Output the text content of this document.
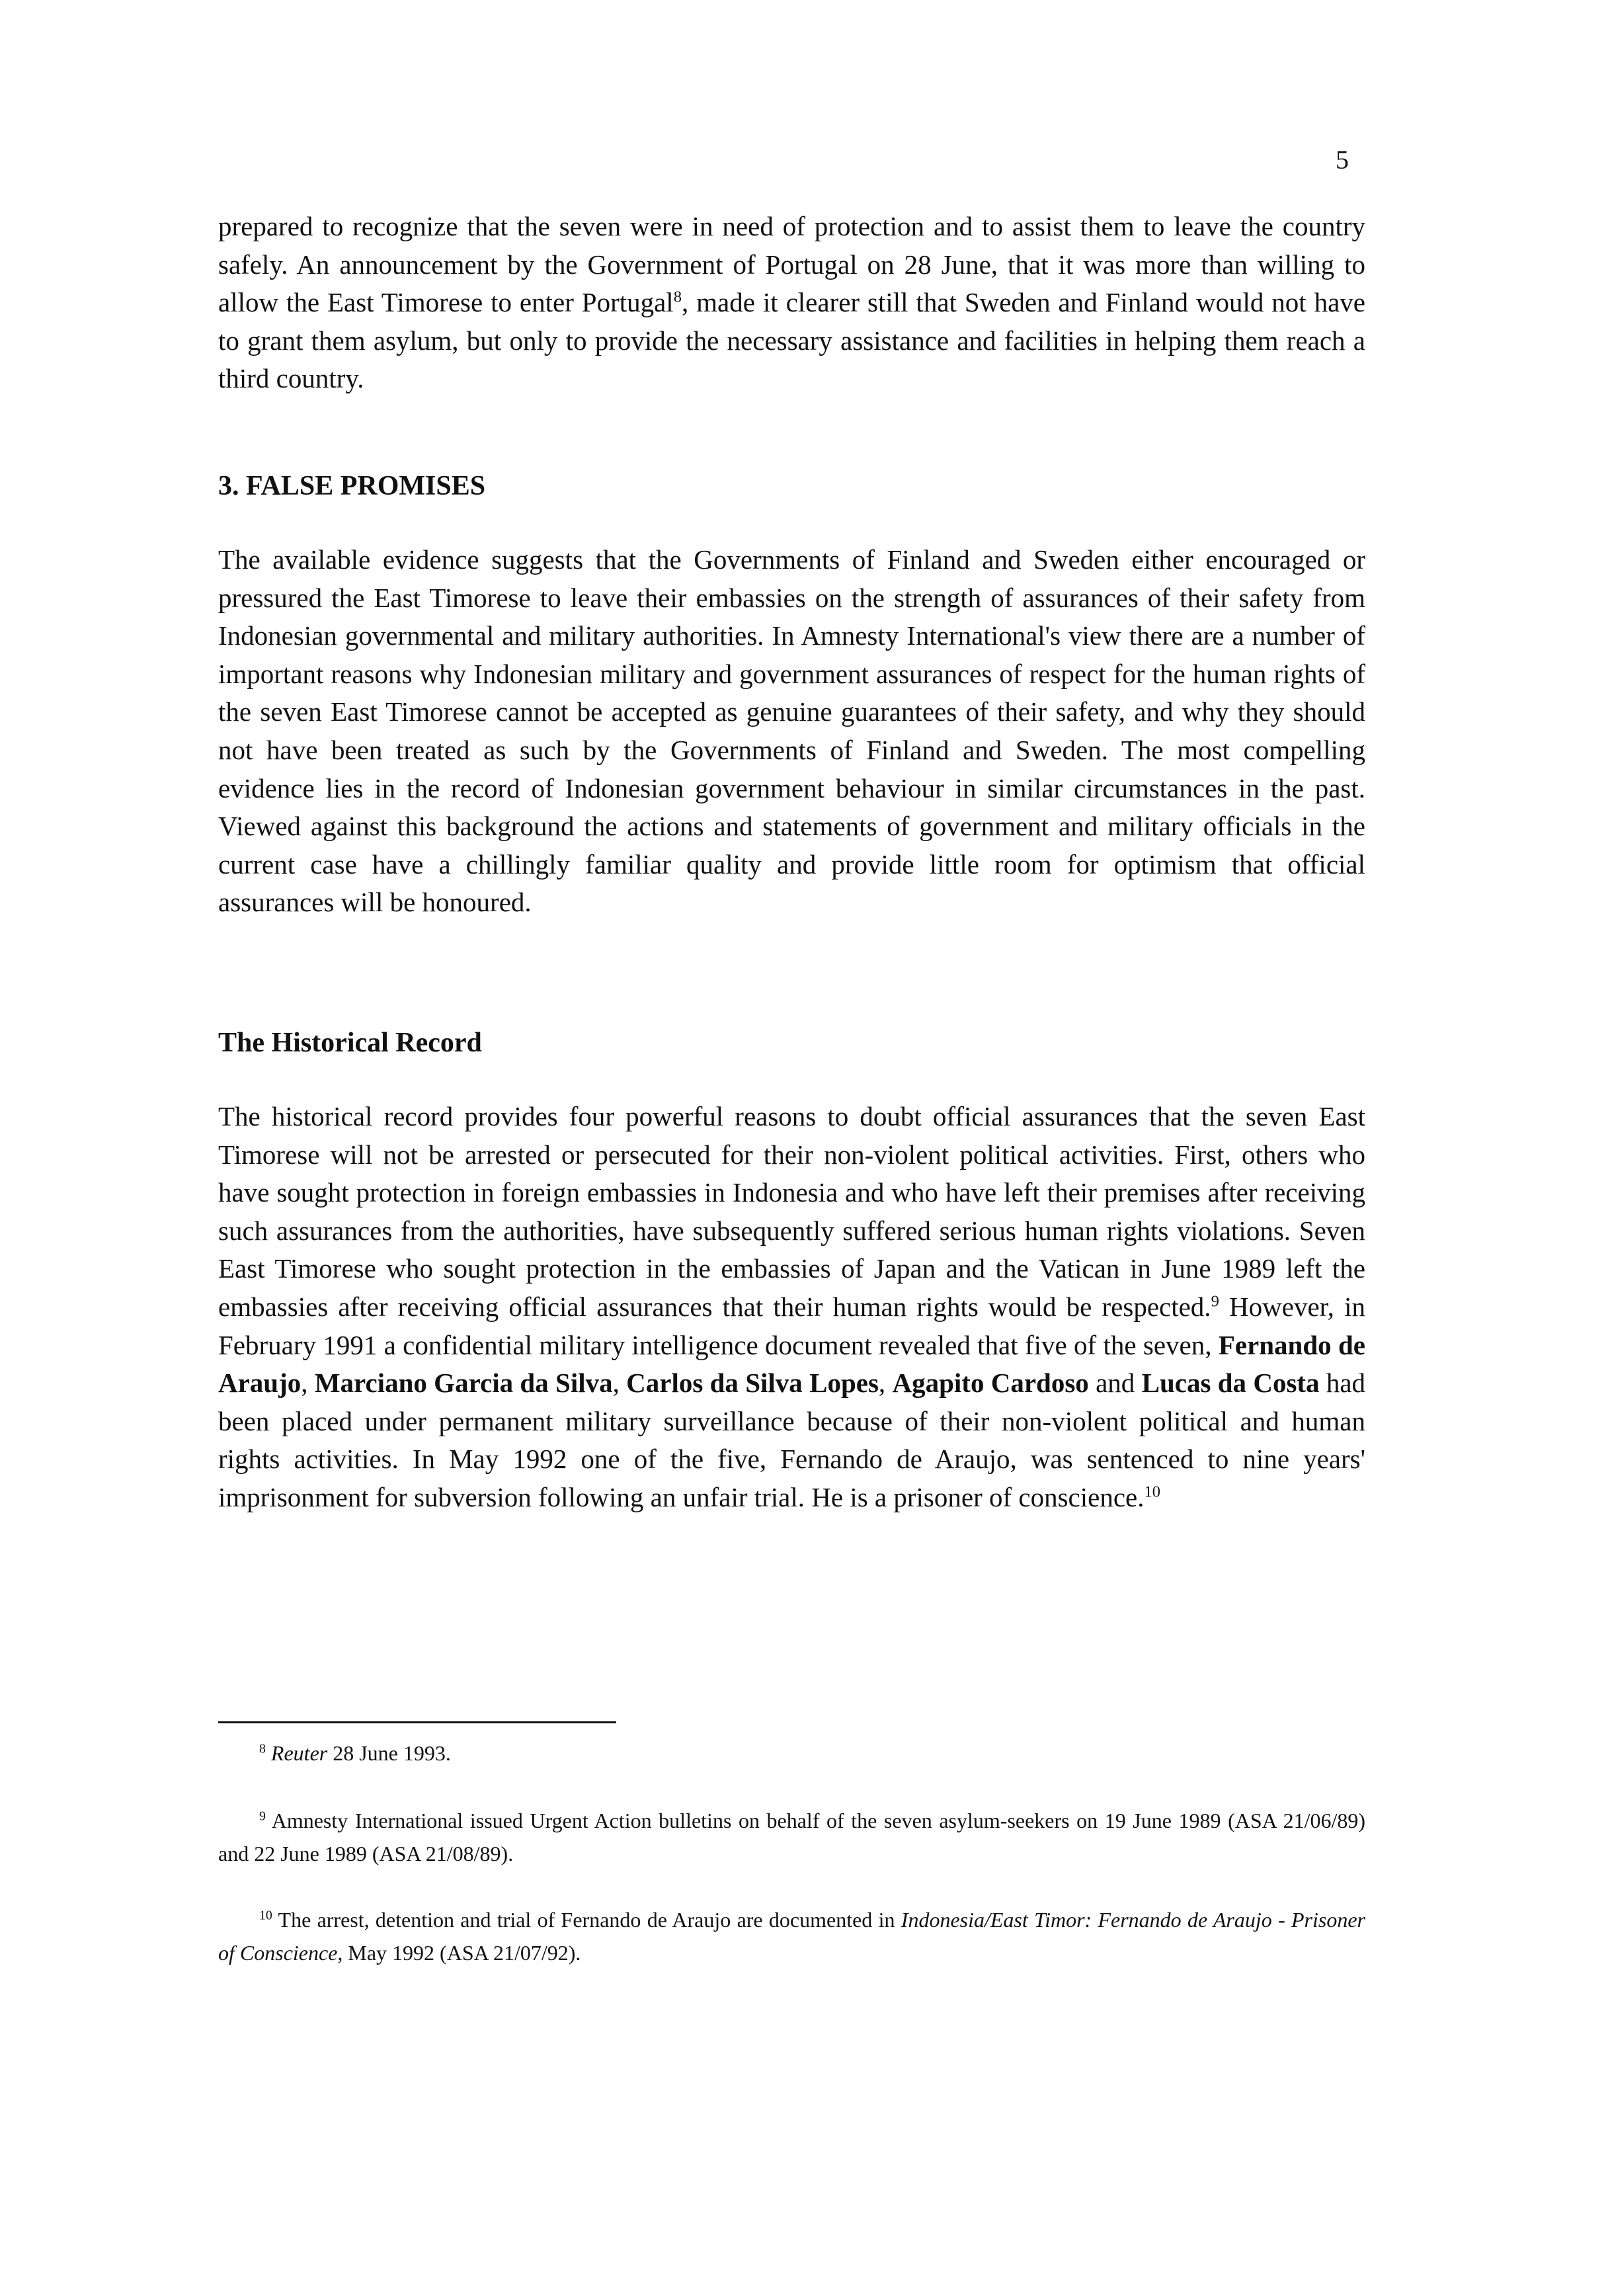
5

prepared to recognize that the seven were in need of protection and to assist them to leave the country safely. An announcement by the Government of Portugal on 28 June, that it was more than willing to allow the East Timorese to enter Portugal$^8$, made it clearer still that Sweden and Finland would not have to grant them asylum, but only to provide the necessary assistance and facilities in helping them reach a third country.

3. FALSE PROMISES

The available evidence suggests that the Governments of Finland and Sweden either encouraged or pressured the East Timorese to leave their embassies on the strength of assurances of their safety from Indonesian governmental and military authorities. In Amnesty International's view there are a number of important reasons why Indonesian military and government assurances of respect for the human rights of the seven East Timorese cannot be accepted as genuine guarantees of their safety, and why they should not have been treated as such by the Governments of Finland and Sweden. The most compelling evidence lies in the record of Indonesian government behaviour in similar circumstances in the past. Viewed against this background the actions and statements of government and military officials in the current case have a chillingly familiar quality and provide little room for optimism that official assurances will be honoured.

The Historical Record

The historical record provides four powerful reasons to doubt official assurances that the seven East Timorese will not be arrested or persecuted for their non-violent political activities. First, others who have sought protection in foreign embassies in Indonesia and who have left their premises after receiving such assurances from the authorities, have subsequently suffered serious human rights violations. Seven East Timorese who sought protection in the embassies of Japan and the Vatican in June 1989 left the embassies after receiving official assurances that their human rights would be respected.$^9$ However, in February 1991 a confidential military intelligence document revealed that five of the seven, Fernando de Araujo, Marciano Garcia da Silva, Carlos da Silva Lopes, Agapito Cardoso and Lucas da Costa had been placed under permanent military surveillance because of their non-violent political and human rights activities. In May 1992 one of the five, Fernando de Araujo, was sentenced to nine years' imprisonment for subversion following an unfair trial. He is a prisoner of conscience.$^{10}$

$^8$ Reuter 28 June 1993.

$^9$ Amnesty International issued Urgent Action bulletins on behalf of the seven asylum-seekers on 19 June 1989 (ASA 21/06/89) and 22 June 1989 (ASA 21/08/89).

$^{10}$ The arrest, detention and trial of Fernando de Araujo are documented in Indonesia/East Timor: Fernando de Araujo - Prisoner of Conscience, May 1992 (ASA 21/07/92).
